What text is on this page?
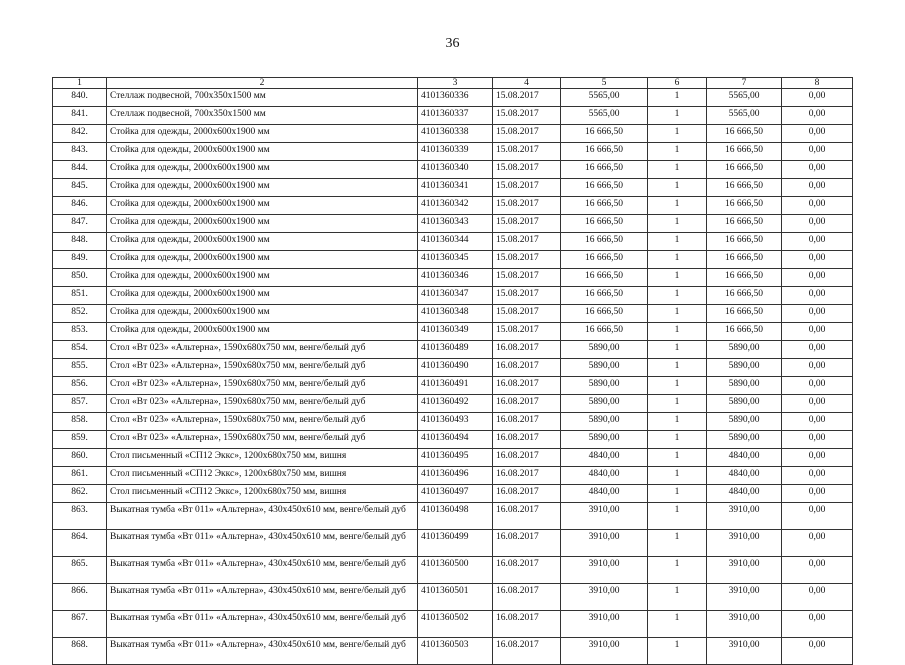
36
1	2	3	4	5	6	7	8
840.	Стеллаж подвесной, 700х350х1500 мм	4101360336	15.08.2017	5565,00	1	5565,00	0,00
841.	Стеллаж подвесной, 700х350х1500 мм	4101360337	15.08.2017	5565,00	1	5565,00	0,00
842.	Стойка для одежды, 2000х600х1900 мм	4101360338	15.08.2017	16 666,50	1	16 666,50	0,00
843.	Стойка для одежды, 2000х600х1900 мм	4101360339	15.08.2017	16 666,50	1	16 666,50	0,00
844.	Стойка для одежды, 2000х600х1900 мм	4101360340	15.08.2017	16 666,50	1	16 666,50	0,00
845.	Стойка для одежды, 2000х600х1900 мм	4101360341	15.08.2017	16 666,50	1	16 666,50	0,00
846.	Стойка для одежды, 2000х600х1900 мм	4101360342	15.08.2017	16 666,50	1	16 666,50	0,00
847.	Стойка для одежды, 2000х600х1900 мм	4101360343	15.08.2017	16 666,50	1	16 666,50	0,00
848.	Стойка для одежды, 2000х600х1900 мм	4101360344	15.08.2017	16 666,50	1	16 666,50	0,00
849.	Стойка для одежды, 2000х600х1900 мм	4101360345	15.08.2017	16 666,50	1	16 666,50	0,00
850.	Стойка для одежды, 2000х600х1900 мм	4101360346	15.08.2017	16 666,50	1	16 666,50	0,00
851.	Стойка для одежды, 2000х600х1900 мм	4101360347	15.08.2017	16 666,50	1	16 666,50	0,00
852.	Стойка для одежды, 2000х600х1900 мм	4101360348	15.08.2017	16 666,50	1	16 666,50	0,00
853.	Стойка для одежды, 2000х600х1900 мм	4101360349	15.08.2017	16 666,50	1	16 666,50	0,00
854.	Стол «Вт 023» «Альтерна», 1590х680х750 мм, венге/белый дуб	4101360489	16.08.2017	5890,00	1	5890,00	0,00
855.	Стол «Вт 023» «Альтерна», 1590х680х750 мм, венге/белый дуб	4101360490	16.08.2017	5890,00	1	5890,00	0,00
856.	Стол «Вт 023» «Альтерна», 1590х680х750 мм, венге/белый дуб	4101360491	16.08.2017	5890,00	1	5890,00	0,00
857.	Стол «Вт 023» «Альтерна», 1590х680х750 мм, венге/белый дуб	4101360492	16.08.2017	5890,00	1	5890,00	0,00
858.	Стол «Вт 023» «Альтерна», 1590х680х750 мм, венге/белый дуб	4101360493	16.08.2017	5890,00	1	5890,00	0,00
859.	Стол «Вт 023» «Альтерна», 1590х680х750 мм, венге/белый дуб	4101360494	16.08.2017	5890,00	1	5890,00	0,00
860.	Стол письменный «СП12 Эккс», 1200х680х750 мм, вишня	4101360495	16.08.2017	4840,00	1	4840,00	0,00
861.	Стол письменный «СП12 Эккс», 1200х680х750 мм, вишня	4101360496	16.08.2017	4840,00	1	4840,00	0,00
862.	Стол письменный «СП12 Эккс», 1200х680х750 мм, вишня	4101360497	16.08.2017	4840,00	1	4840,00	0,00
863.	Выкатная тумба «Вт 011» «Альтерна», 430х450х610 мм, венге/белый дуб	4101360498	16.08.2017	3910,00	1	3910,00	0,00
864.	Выкатная тумба «Вт 011» «Альтерна», 430х450х610 мм, венге/белый дуб	4101360499	16.08.2017	3910,00	1	3910,00	0,00
865.	Выкатная тумба «Вт 011» «Альтерна», 430х450х610 мм, венге/белый дуб	4101360500	16.08.2017	3910,00	1	3910,00	0,00
866.	Выкатная тумба «Вт 011» «Альтерна», 430х450х610 мм, венге/белый дуб	4101360501	16.08.2017	3910,00	1	3910,00	0,00
867.	Выкатная тумба «Вт 011» «Альтерна», 430х450х610 мм, венге/белый дуб	4101360502	16.08.2017	3910,00	1	3910,00	0,00
868.	Выкатная тумба «Вт 011» «Альтерна», 430х450х610 мм, венге/белый дуб	4101360503	16.08.2017	3910,00	1	3910,00	0,00
